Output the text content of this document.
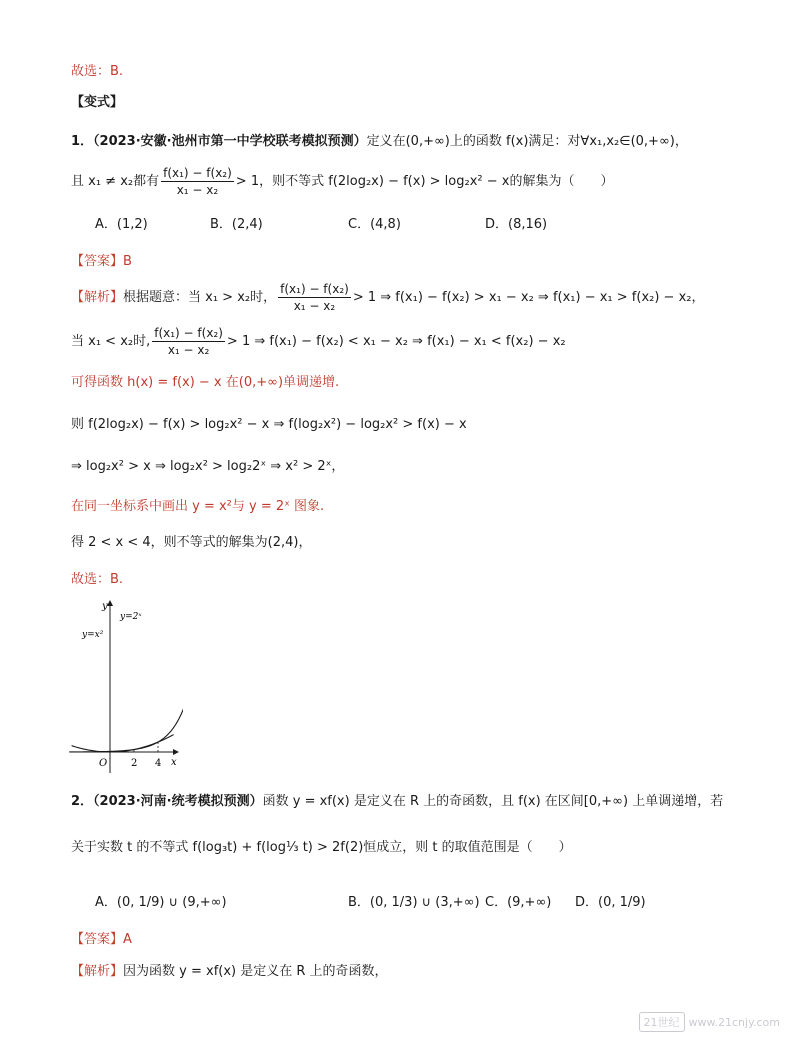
故选：B.
【变式】
1．（2023·安徽·池州市第一中学校联考模拟预测）定义在(0,+∞)上的函数 f(x)满足：对∀x₁,x₂∈(0,+∞)，
且 x₁ ≠ x₂都有 $\frac{\text{f(x₁) − f(x₂)}}{\text{x₁ − x₂}} > 1$，则不等式 f(2log₂x) − f(x) > log₂x² − x的解集为（　　）
A．(1,2)	B．(2,4)	C．(4,8)	D．(8,16)
【答案】B
【解析】根据题意：当 x₁ > x₂时， $\frac{\text{f(x₁) − f(x₂)}}{\text{x₁ − x₂}} > 1$ ⇒ f(x₁) − f(x₂) > x₁ − x₂ ⇒ f(x₁) − x₁ > f(x₂) − x₂，
当 x₁ < x₂时, $\frac{\text{f(x₁) − f(x₂)}}{\text{x₁ − x₂}} > 1$ ⇒ f(x₁) − f(x₂) < x₁ − x₂ ⇒ f(x₁) − x₁ < f(x₂) − x₂
可得函数 h(x) = f(x) − x 在(0,+∞)单调递增.
则 f(2log₂x) − f(x) > log₂x² − x ⇒ f(log₂x²) − log₂x² > f(x) − x
⇒ log₂x² > x ⇒ log₂x² > log₂2ˣ ⇒ x² > 2ˣ，
在同一坐标系中画出 y = x²与 y = 2ˣ 图象.
得 2 < x < 4，则不等式的解集为(2,4)，
故选：B.
y
x
O
y=x²
y=2ˣ
2 4
2．（2023·河南·统考模拟预测）函数 y = xf(x) 是定义在 R 上的奇函数，且 f(x) 在区间[0,+∞) 上单调递增，若
关于实数 t 的不等式 f(log₃t) + f(log⅓ t) > 2f(2)恒成立，则 t 的取值范围是（　　）
A．(0, 1/9) ∪ (9,+∞)	B．(0, 1/3) ∪ (3,+∞) C．(9,+∞) D．(0, 1/9)
【答案】A
【解析】因为函数 y = xf(x) 是定义在 R 上的奇函数，
21世纪 www.21cnjy.com
